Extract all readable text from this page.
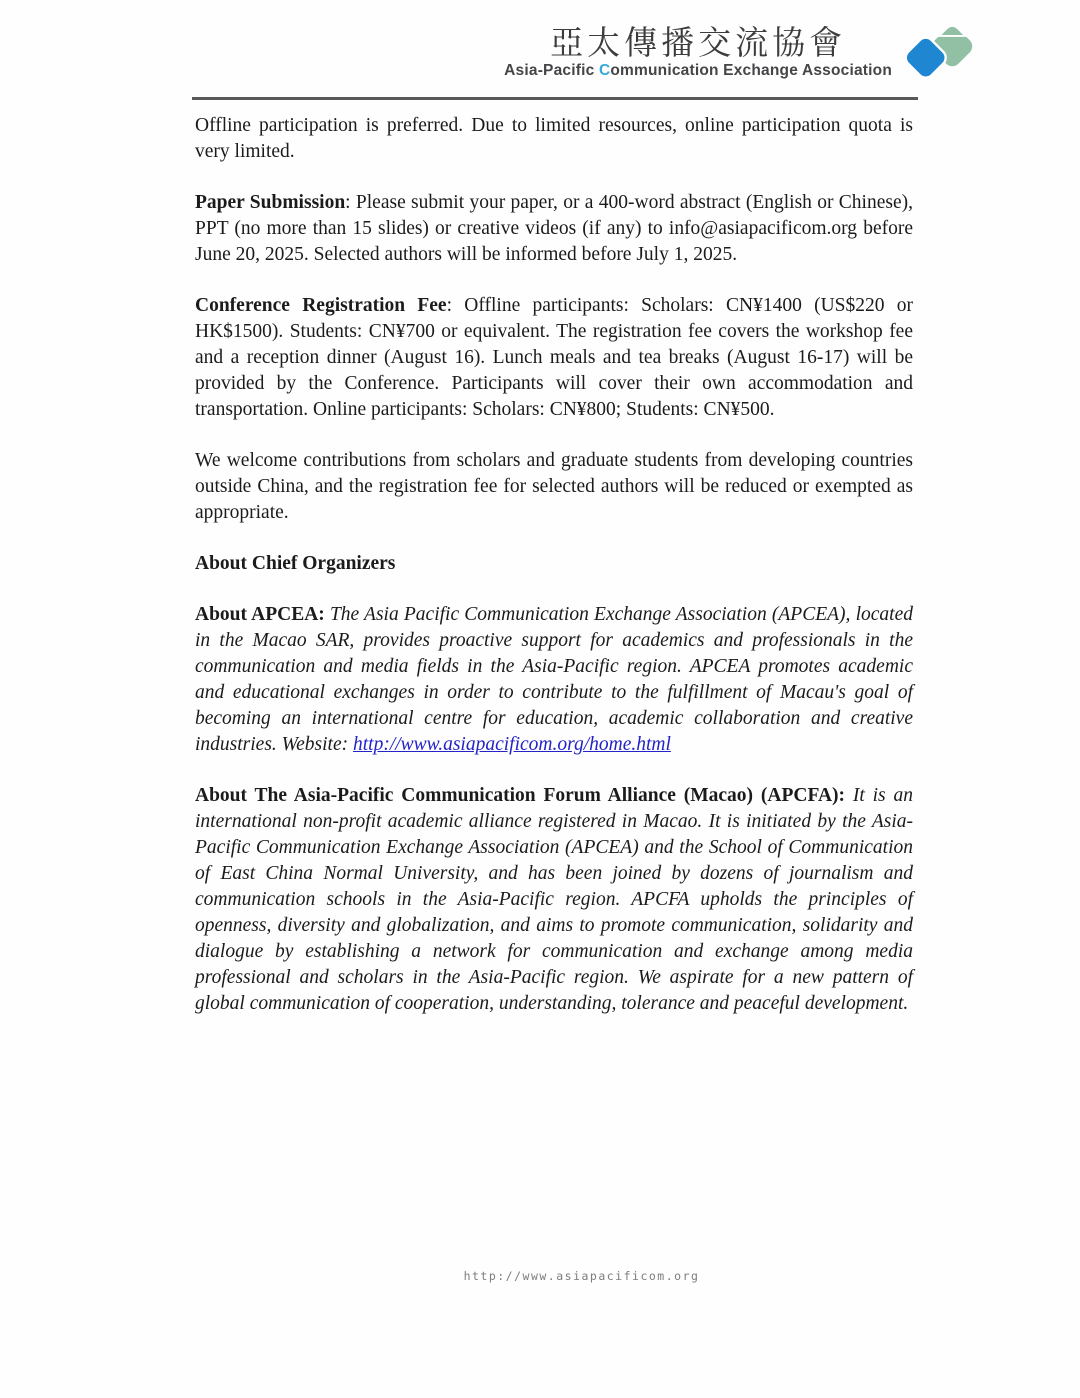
亞太傳播交流協會
Asia-Pacific Communication Exchange Association

Offline participation is preferred. Due to limited resources, online participation quota is very limited.

Paper Submission: Please submit your paper, or a 400-word abstract (English or Chinese), PPT (no more than 15 slides) or creative videos (if any) to info@asiapacificom.org before June 20, 2025. Selected authors will be informed before July 1, 2025.

Conference Registration Fee: Offline participants: Scholars: CN¥1400 (US$220 or HK$1500). Students: CN¥700 or equivalent. The registration fee covers the workshop fee and a reception dinner (August 16). Lunch meals and tea breaks (August 16-17) will be provided by the Conference. Participants will cover their own accommodation and transportation. Online participants: Scholars: CN¥800; Students: CN¥500.

We welcome contributions from scholars and graduate students from developing countries outside China, and the registration fee for selected authors will be reduced or exempted as appropriate.

About Chief Organizers

About APCEA: The Asia Pacific Communication Exchange Association (APCEA), located in the Macao SAR, provides proactive support for academics and professionals in the communication and media fields in the Asia-Pacific region. APCEA promotes academic and educational exchanges in order to contribute to the fulfillment of Macau's goal of becoming an international centre for education, academic collaboration and creative industries. Website: http://www.asiapacificom.org/home.html

About The Asia-Pacific Communication Forum Alliance (Macao) (APCFA): It is an international non-profit academic alliance registered in Macao. It is initiated by the Asia-Pacific Communication Exchange Association (APCEA) and the School of Communication of East China Normal University, and has been joined by dozens of journalism and communication schools in the Asia-Pacific region. APCFA upholds the principles of openness, diversity and globalization, and aims to promote communication, solidarity and dialogue by establishing a network for communication and exchange among media professional and scholars in the Asia-Pacific region. We aspirate for a new pattern of global communication of cooperation, understanding, tolerance and peaceful development.

http://www.asiapacificom.org
